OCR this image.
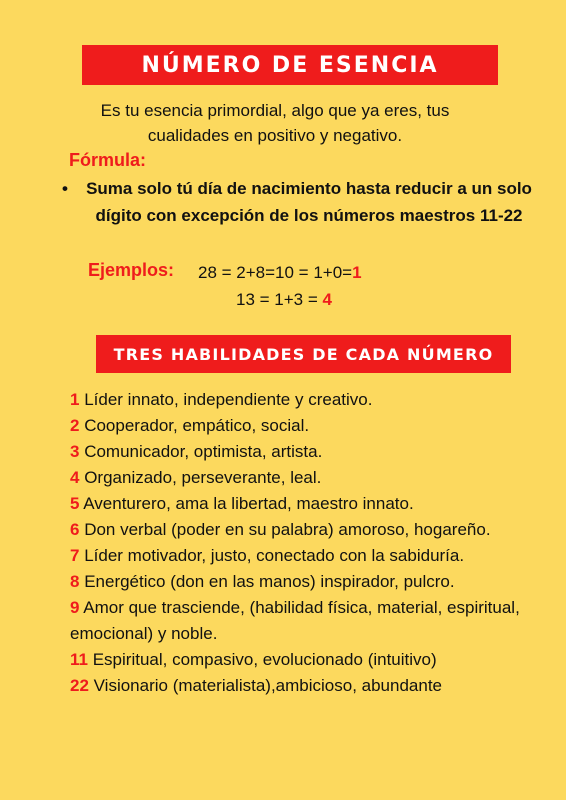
NÚMERO DE ESENCIA
Es tu esencia primordial, algo que ya eres, tus cualidades en positivo y negativo.
Fórmula:
• Suma solo tú día de nacimiento hasta reducir a un solo dígito con excepción de los números maestros 11-22
Ejemplos: 28 = 2+8=10 = 1+0=1
13 = 1+3 = 4
TRES HABILIDADES DE CADA NÚMERO

1 Líder innato, independiente y creativo.

2 Cooperador, empático, social.

3 Comunicador, optimista, artista.

4 Organizado, perseverante, leal.

5 Aventurero, ama la libertad, maestro innato.

6 Don verbal (poder en su palabra) amoroso, hogareño.

7 Líder motivador, justo, conectado con la sabiduría.

8 Energético (don en las manos) inspirador, pulcro.

9 Amor que trasciende, (habilidad física, material, espiritual, emocional) y noble.

11 Espiritual, compasivo, evolucionado (intuitivo)

22 Visionario (materialista),ambicioso, abundante
